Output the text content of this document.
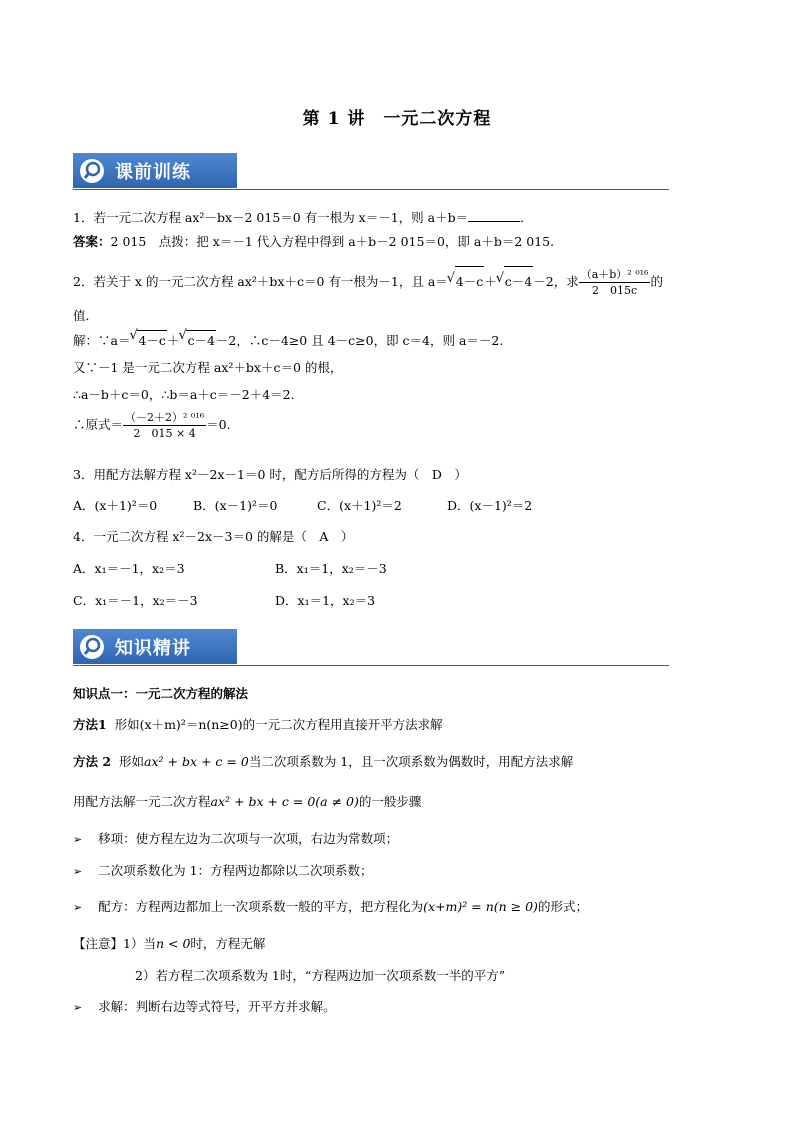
第 1 讲　一元二次方程
课前训练
1．若一元二次方程 ax²－bx－2 015＝0 有一根为 x＝－1，则 a＋b＝	．
答案：2 015　点拨：把 x＝－1 代入方程中得到 a＋b－2 015＝0，即 a＋b＝2 015.
2．若关于 x 的一元二次方程 ax²＋bx＋c＝0 有一根为－1，且 a＝ √ 4－c＋ √ c－4－2，求 $\frac{\text{（a＋b）² ⁰¹⁶}}{2 015c}$ 的
值．
解：∵a＝ √ 4－c＋ √ c－4－2，∴c－4≥0 且 4－c≥0，即 c＝4，则 a＝－2.
又∵－1 是一元二次方程 ax²＋bx＋c＝0 的根，
∴a－b＋c＝0，∴b＝a＋c＝－2＋4＝2.
∴原式＝ $\frac{\text{（－2＋2）² ⁰¹⁶}}{2 015 \times 4} =0$.
3．用配方法解方程 x²－2x－1＝0 时，配方后所得的方程为（　D　）
A．(x＋1)²＝0	B．(x－1)²＝0	C．(x＋1)²＝2	D．(x－1)²＝2
4．一元二次方程 x²－2x－3＝0 的解是（　A　）
A．x₁＝－1，x₂＝3	B．x₁＝1，x₂＝－3
C．x₁＝－1，x₂＝－3	D．x₁＝1，x₂＝3
知识精讲
知识点一：一元二次方程的解法
方法1 形如(x＋m)²＝n(n≥0)的一元二次方程用直接开平方法求解
方法 2 形如ax² + bx + c = 0当二次项系数为 1，且一次项系数为偶数时，用配方法求解
用配方法解一元二次方程ax² + bx + c = 0(a ≠ 0)的一般步骤
➢ 移项：使方程左边为二次项与一次项，右边为常数项；
➢ 二次项系数化为 1：方程两边都除以二次项系数；
➢ 配方：方程两边都加上一次项系数一般的平方，把方程化为(x+m)² = n(n ≥ 0)的形式；
【注意】1）当n < 0时，方程无解
2）若方程二次项系数为 1时，“方程两边加一次项系数一半的平方”
➢ 求解：判断右边等式符号，开平方并求解。
